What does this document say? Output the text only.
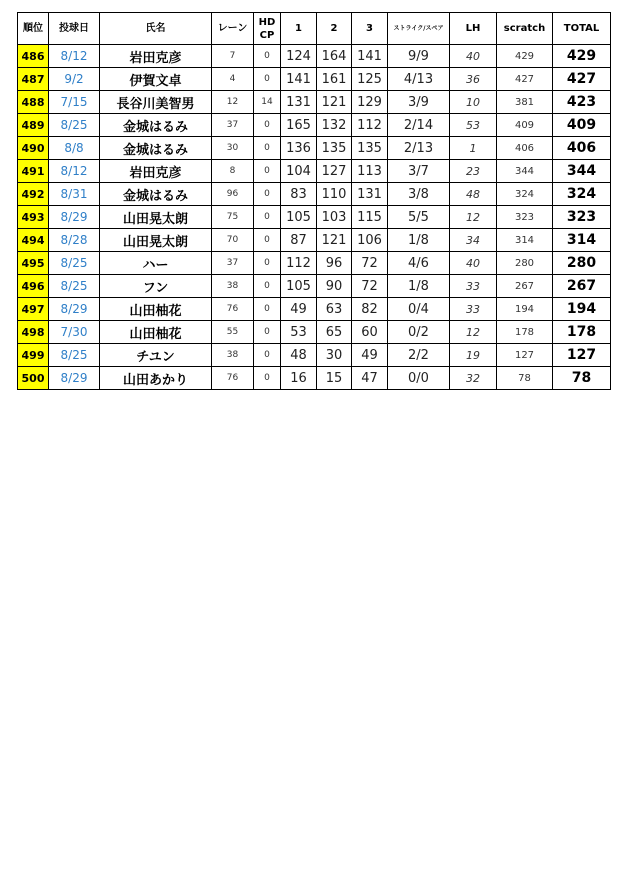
順位	投球日	氏名	レーン	HD
CP	1	2	3	ストライク/スペア	LH	scratch	TOTAL
486	8/12	岩田克彦	7	0	124	164	141	9/9	40	429	429
487	9/2	伊賀文卓	4	0	141	161	125	4/13	36	427	427
488	7/15	長谷川美智男	12	14	131	121	129	3/9	10	381	423
489	8/25	金城はるみ	37	0	165	132	112	2/14	53	409	409
490	8/8	金城はるみ	30	0	136	135	135	2/13	1	406	406
491	8/12	岩田克彦	8	0	104	127	113	3/7	23	344	344
492	8/31	金城はるみ	96	0	83	110	131	3/8	48	324	324
493	8/29	山田晃太朗	75	0	105	103	115	5/5	12	323	323
494	8/28	山田晃太朗	70	0	87	121	106	1/8	34	314	314
495	8/25	ハー	37	0	112	96	72	4/6	40	280	280
496	8/25	フン	38	0	105	90	72	1/8	33	267	267
497	8/29	山田柚花	76	0	49	63	82	0/4	33	194	194
498	7/30	山田柚花	55	0	53	65	60	0/2	12	178	178
499	8/25	チユン	38	0	48	30	49	2/2	19	127	127
500	8/29	山田あかり	76	0	16	15	47	0/0	32	78	78
